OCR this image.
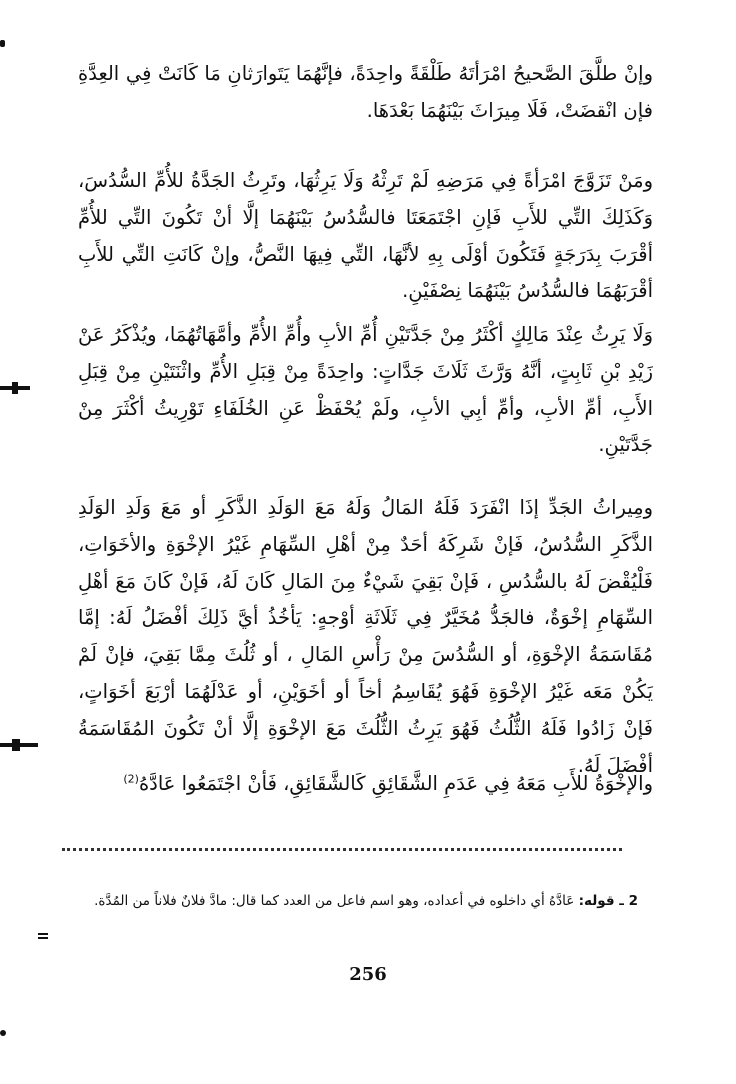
وإنْ طلَّقَ الصَّحيحُ امْرَأتَهُ طَلْقَةً واحِدَةً، فإنَّهُمَا يَتَوارَثانِ مَا كَانَتْ فِي العِدَّةِ فإن انْقضَتْ، فَلَا مِيرَاثَ بَيْنَهُمَا بَعْدَهَا.

ومَنْ تَزَوَّجَ امْرَأةً فِي مَرَضِهِ لَمْ تَرِثْهُ وَلَا يَرِثُهَا، وتَرِثُ الجَدَّةُ للأُمِّ السُّدُسَ، وَكَذَلِكَ التِّي للأَبِ فَإنِ اجْتَمَعَتَا فالسُّدُسُ بَيْنَهُمَا إلَّا أنْ تَكُونَ التِّي للأُمِّ أقْرَبَ بِدَرَجَةٍ فَتَكُونَ أوْلَى بِهِ لأنَّهَا، التِّي فِيهَا النَّصُّ، وإنْ كَانَتِ التِّي للأَبِ أقْرَبَهُمَا فالسُّدُسُ بَيْنَهُمَا نِصْفَيْنِ.

وَلَا يَرِثُ عِنْدَ مَالِكٍ أكْثَرُ مِنْ جَدَّتَيْنِ أُمِّ الأبِ وأُمِّ الأُمِّ وأمَّهَاتُهُمَا، ويُذْكَرُ عَنْ زَيْدِ بْنِ ثَابِتٍ، أنَّهُ وَرَّثَ ثَلَاثَ جَدَّاتٍ: واحِدَةً مِنْ قِبَلِ الأُمِّ واثْنَتَيْنِ مِنْ قِبَلِ الأَبِ، أمِّ الأبِ، وأمِّ أبِي الأبِ، ولَمْ يُحْفَظْ عَنِ الخُلَفَاءِ تَوْرِيثُ أكْثَرَ مِنْ جَدَّتَيْنِ.

ومِيراثُ الجَدِّ إذَا انْفَرَدَ فَلَهُ المَالُ وَلَهُ مَعَ الوَلَدِ الذَّكَرِ أو مَعَ وَلَدِ الوَلَدِ الذَّكَرِ السُّدُسُ، فَإنْ شَرِكَهُ أحَدٌ مِنْ أهْلِ السِّهَامِ غَيْرُ الإخْوَةِ والأخَوَاتِ، فَلْيُقْضَ لَهُ بالسُّدُسِ ، فَإنْ بَقِيَ شَيْءٌ مِنَ المَالِ كَانَ لَهُ، فَإنْ كَانَ مَعَ أهْلِ السِّهَامِ إخْوَةٌ، فالجَدُّ مُخَيَّرٌ فِي ثَلَاثَةِ أوْجهٍ: يَأخُذُ أيَّ ذَلِكَ أفْضَلُ لَهُ: إمَّا مُقَاسَمَةُ الإخْوَةِ، أو السُّدُسَ مِنْ رَأْسِ المَالِ ، أو ثُلُثَ مِمَّا بَقِيَ، فإنْ لَمْ يَكُنْ مَعَه غَيْرُ الإخْوَةِ فَهُوَ يُقَاسِمُ أخاً أو أخَوَيْنِ، أو عَدْلَهُمَا أرْبَعَ أخَوَاتٍ، فَإنْ زَادُوا فَلَهُ الثُّلُثُ فَهُوَ يَرِثُ الثُّلُثَ مَعَ الإخْوَةِ إلَّا أنْ تَكُونَ المُقَاسَمَةُ أفْضَلَ لَهُ.

والإخْوَةُ للأَبِ مَعَهُ فِي عَدَمِ الشَّقَائِقِ كَالشَّقَائِقِ، فَأنْ اجْتَمَعُوا عَادَّهُ$^{(2)}$

2 ـ قوله: عَادَّهُ أي داخلوه في أعداده، وهو اسم فاعل من العدد كما قال: مادَّ فلانٌ فلاناً من المُدَّة.

256
